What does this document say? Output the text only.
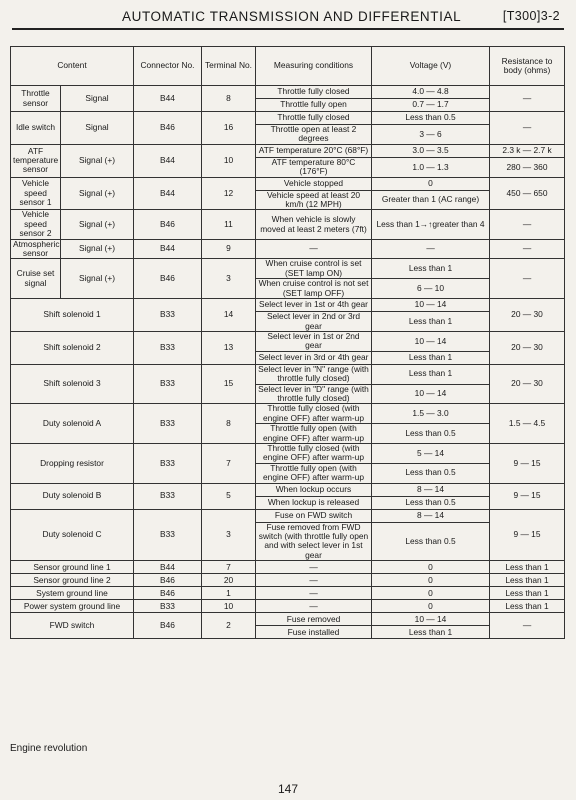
AUTOMATIC TRANSMISSION AND DIFFERENTIAL	[T300]3-2
Content		Connector No.	Terminal No.	Measuring conditions	Voltage (V)	Resistance to body (ohms)
Throttle sensor	Signal	B44	8	Throttle fully closed	4.0 — 4.8	—
				Throttle fully open	0.7 — 1.7	
Idle switch	Signal	B46	16	Throttle fully closed	Less than 0.5	—
				Throttle open at least 2 degrees	3 — 6	
ATF temperature sensor	Signal (+)	B44	10	ATF temperature 20°C (68°F)	3.0 — 3.5	2.3 k — 2.7 k
				ATF temperature 80°C (176°F)	1.0 — 1.3	280 — 360
Vehicle speed sensor 1	Signal (+)	B44	12	Vehicle stopped	0	450 — 650
				Vehicle speed at least 20 km/h (12 MPH)	Greater than 1 (AC range)	
Vehicle speed sensor 2	Signal (+)	B46	11	When vehicle is slowly moved at least 2 meters (7ft)	Less than 1→↑greater than 4	—
Atmospheric sensor	Signal (+)	B44	9	—	—	—
Cruise set signal	Signal (+)	B46	3	When cruise control is set (SET lamp ON)	Less than 1	—
				When cruise control is not set (SET lamp OFF)	6 — 10	
Shift solenoid 1		B33	14	Select lever in 1st or 4th gear	10 — 14	20 — 30
				Select lever in 2nd or 3rd gear	Less than 1	
Shift solenoid 2		B33	13	Select lever in 1st or 2nd gear	10 — 14	20 — 30
				Select lever in 3rd or 4th gear	Less than 1	
Shift solenoid 3		B33	15	Select lever in "N" range (with throttle fully closed)	Less than 1	20 — 30
				Select lever in "D" range (with throttle fully closed)	10 — 14	
Duty solenoid A		B33	8	Throttle fully closed (with engine OFF) after warm-up	1.5 — 3.0	1.5 — 4.5
				Throttle fully open (with engine OFF) after warm-up	Less than 0.5	
Dropping resistor		B33	7	Throttle fully closed (with engine OFF) after warm-up	5 — 14	9 — 15
				Throttle fully open (with engine OFF) after warm-up	Less than 0.5	
Duty solenoid B		B33	5	When lockup occurs	8 — 14	9 — 15
				When lockup is released	Less than 0.5	
Duty solenoid C		B33	3	Fuse on FWD switch	8 — 14	9 — 15
				Fuse removed from FWD switch (with throttle fully open and with select lever in 1st gear	Less than 0.5	
Sensor ground line 1		B44	7	—	0	Less than 1
Sensor ground line 2		B46	20	—	0	Less than 1
System ground line		B46	1	—	0	Less than 1
Power system ground line		B33	10	—	0	Less than 1
FWD switch		B46	2	Fuse removed	10 — 14	—
				Fuse installed	Less than 1	
Engine revolution
147
